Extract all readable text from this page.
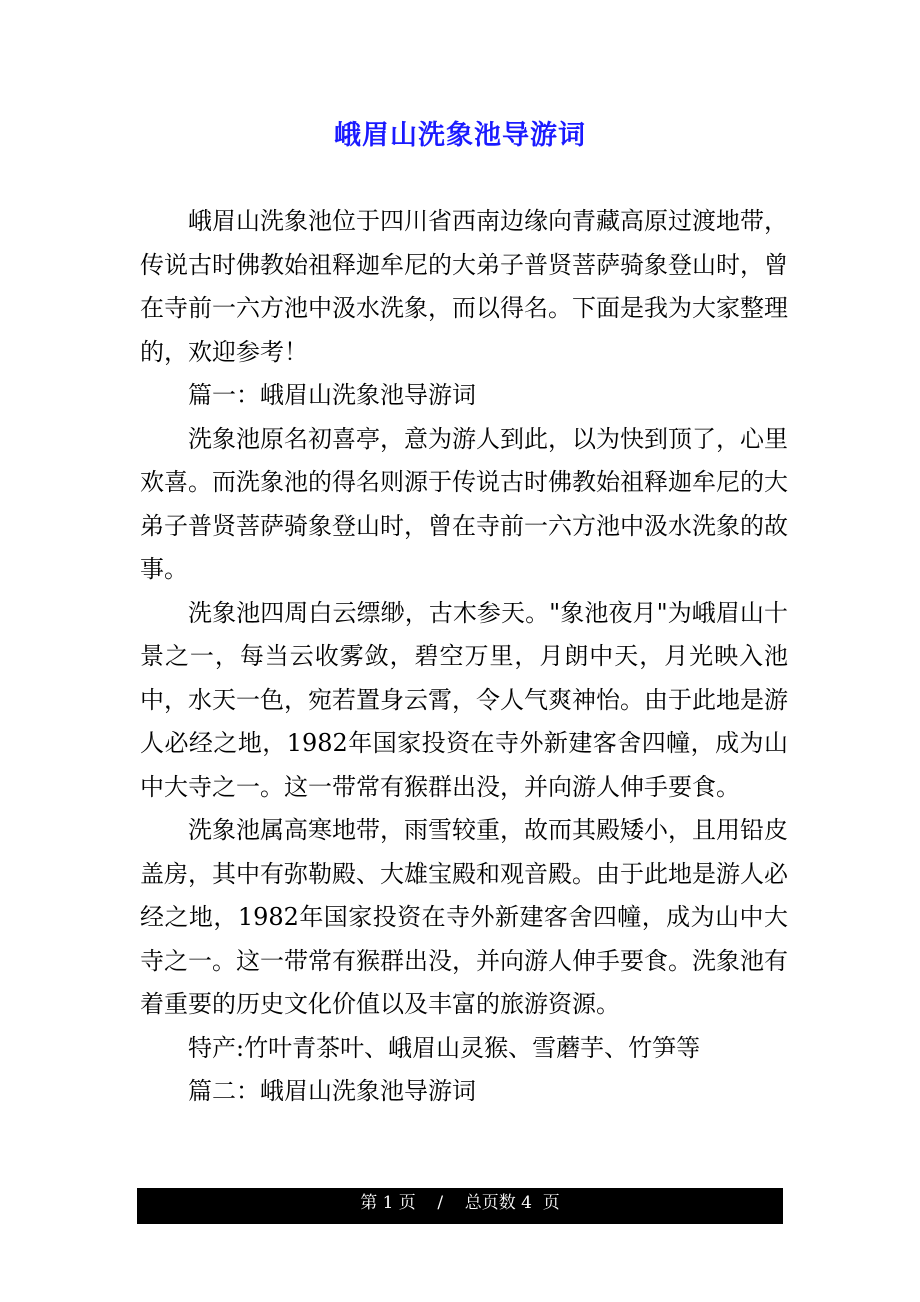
峨眉山洗象池导游词

峨眉山洗象池位于四川省西南边缘向青藏高原过渡地带，传说古时佛教始祖释迦牟尼的大弟子普贤菩萨骑象登山时，曾在寺前一六方池中汲水洗象，而以得名。下面是我为大家整理的，欢迎参考！

篇一：峨眉山洗象池导游词

洗象池原名初喜亭，意为游人到此，以为快到顶了，心里欢喜。而洗象池的得名则源于传说古时佛教始祖释迦牟尼的大弟子普贤菩萨骑象登山时，曾在寺前一六方池中汲水洗象的故事。

洗象池四周白云缥缈，古木参天。"象池夜月"为峨眉山十景之一，每当云收雾敛，碧空万里，月朗中天，月光映入池中，水天一色，宛若置身云霄，令人气爽神怡。由于此地是游人必经之地，1982年国家投资在寺外新建客舍四幢，成为山中大寺之一。这一带常有猴群出没，并向游人伸手要食。

洗象池属高寒地带，雨雪较重，故而其殿矮小，且用铅皮盖房，其中有弥勒殿、大雄宝殿和观音殿。由于此地是游人必经之地，1982年国家投资在寺外新建客舍四幢，成为山中大寺之一。这一带常有猴群出没，并向游人伸手要食。洗象池有着重要的历史文化价值以及丰富的旅游资源。

特产:竹叶青茶叶、峨眉山灵猴、雪蘑芋、竹笋等

篇二：峨眉山洗象池导游词

第 1 页    /    总页数 4  页
